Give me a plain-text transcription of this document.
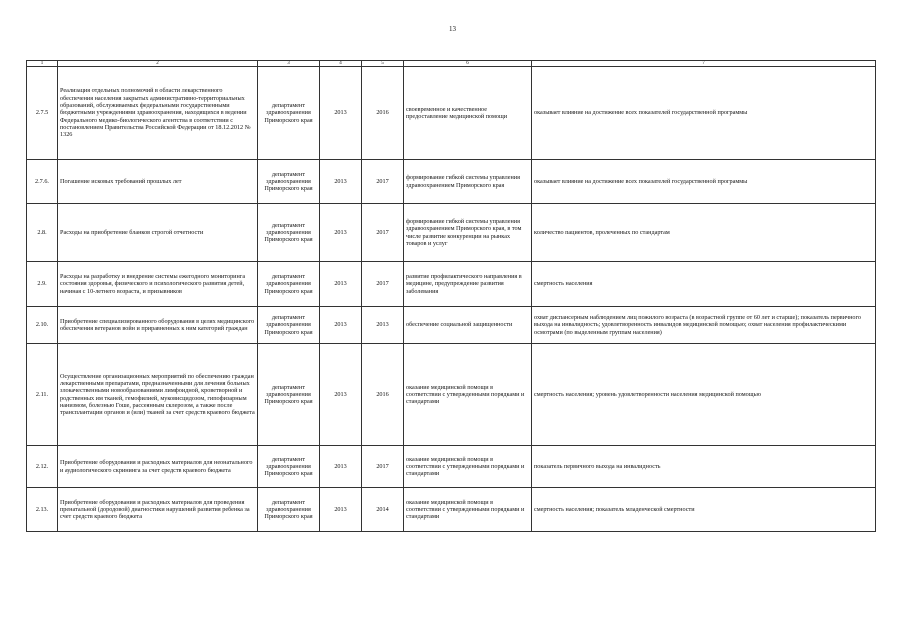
13
1	2	3	4	5	6	7
2.7.5	Реализация отдельных полномочий в области лекарственного обеспечения населения закрытых административно-территориальных образований, обслуживаемых федеральными государственными бюджетными учреждениями здравоохранения, находящихся в ведении Федерального медико-биологического агентства в соответствии с постановлением Правительства Российской Федерации от 18.12.2012 № 1326	департамент здравоохранения Приморского края	2013	2016	своевременное и качественное предоставление медицинской помощи	оказывает влияние на достижение всех показателей государственной программы
2.7.6.	Погашение исковых требований прошлых лет	департамент здравоохранения Приморского края	2013	2017	формирование гибкой системы управления здравоохранением Приморского края	оказывает влияние на достижение всех показателей государственной программы
2.8.	Расходы на приобретение бланков строгой отчетности	департамент здравоохранения Приморского края	2013	2017	формирование гибкой системы управления здравоохранением Приморского края, в том числе развитие конкуренции на рынках товаров и услуг	количество пациентов, пролеченных по стандартам
2.9.	Расходы на разработку и внедрение системы ежегодного мониторинга состояния здоровья, физического и психологического развития детей, начиная с 10-летнего возраста, и призывников	департамент здравоохранения Приморского края	2013	2017	развитие профилактического направления в медицине, предупреждение развития заболевания	смертность населения
2.10.	Приобретение специализированного оборудования в целях медицинского обеспечения ветеранов войн и приравненных к ним категорий граждан	департамент здравоохранения Приморского края	2013	2013	обеспечение социальной защищенности	охват диспансерным наблюдением лиц пожилого возраста (в возрастной группе от 60 лет и старше); показатель первичного выхода на инвалидность; удовлетворенность инвалидов медицинской помощью; охват населения профилактическими осмотрами (по выделенным группам населения)
2.11.	Осуществление организационных мероприятий по обеспечению граждан лекарственными препаратами, предназначенными для лечения больных злокачественными новообразованиями лимфоидной, кроветворной и родственных им тканей, гемофилией, муковисцидозом, гипофизарным нанизмом, болезнью Гоше, рассеянным склерозом, а также после трансплантации органов и (или) тканей за счет средств краевого бюджета	департамент здравоохранения Приморского края	2013	2016	оказание медицинской помощи в соответствии с утвержденными порядками и стандартами	смертность населения; уровень удовлетворенности населения медицинской помощью
2.12.	Приобретение оборудования и расходных материалов для неонатального и аудиологического скрининга за счет средств краевого бюджета	департамент здравоохранения Приморского края	2013	2017	оказание медицинской помощи в соответствии с утвержденными порядками и стандартами	показатель первичного выхода на инвалидность
2.13.	Приобретение оборудования и расходных материалов для проведения пренатальной (дородовой) диагностики нарушений развития ребенка за счет средств краевого бюджета	департамент здравоохранения Приморского края	2013	2014	оказание медицинской помощи в соответствии с утвержденными порядками и стандартами	смертность населения; показатель младенческой смертности
